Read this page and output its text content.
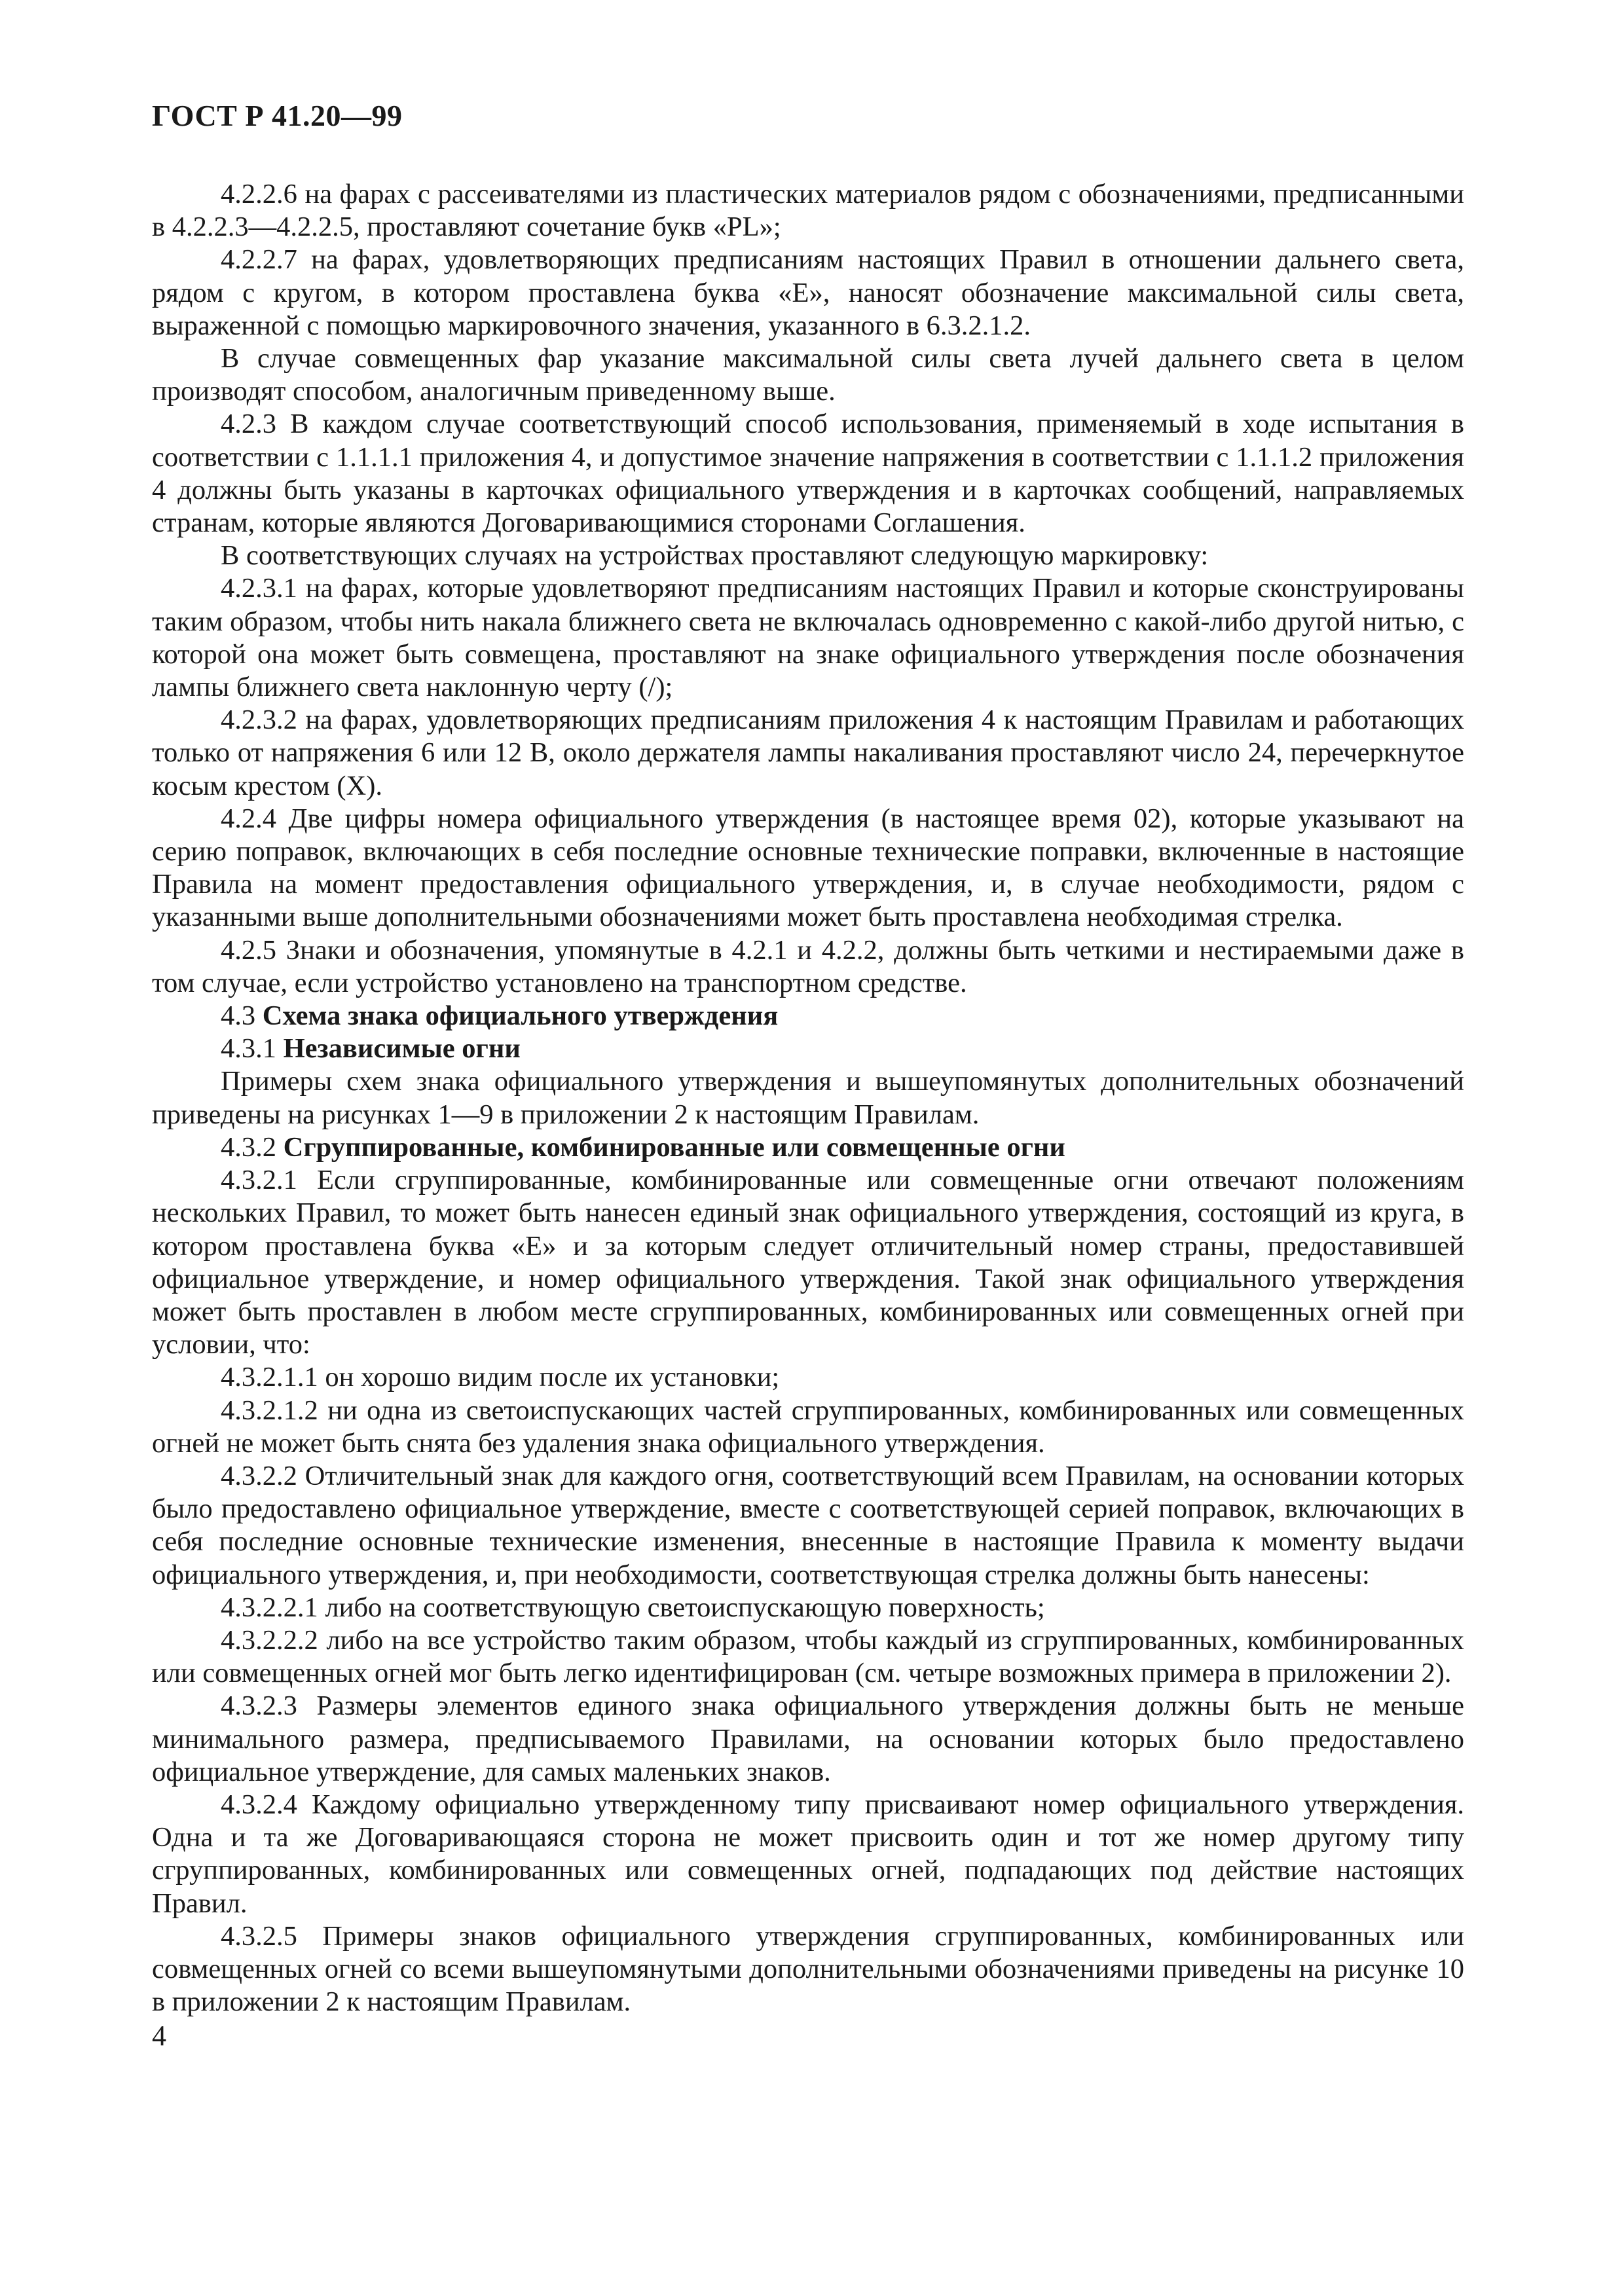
ГОСТ Р 41.20—99

4.2.2.6 на фарах с рассеивателями из пластических материалов рядом с обозначениями, предписанными в 4.2.2.3—4.2.2.5, проставляют сочетание букв «PL»;

4.2.2.7 на фарах, удовлетворяющих предписаниям настоящих Правил в отношении дальнего света, рядом с кругом, в котором проставлена буква «Е», наносят обозначение максимальной силы света, выраженной с помощью маркировочного значения, указанного в 6.3.2.1.2.

В случае совмещенных фар указание максимальной силы света лучей дальнего света в целом производят способом, аналогичным приведенному выше.

4.2.3 В каждом случае соответствующий способ использования, применяемый в ходе испытания в соответствии с 1.1.1.1 приложения 4, и допустимое значение напряжения в соответствии с 1.1.1.2 приложения 4 должны быть указаны в карточках официального утверждения и в карточках сообщений, направляемых странам, которые являются Договаривающимися сторонами Соглашения.

В соответствующих случаях на устройствах проставляют следующую маркировку:

4.2.3.1 на фарах, которые удовлетворяют предписаниям настоящих Правил и которые сконструированы таким образом, чтобы нить накала ближнего света не включалась одновременно с какой-либо другой нитью, с которой она может быть совмещена, проставляют на знаке официального утверждения после обозначения лампы ближнего света наклонную черту (/);

4.2.3.2 на фарах, удовлетворяющих предписаниям приложения 4 к настоящим Правилам и работающих только от напряжения 6 или 12 В, около держателя лампы накаливания проставляют число 24, перечеркнутое косым крестом (X).

4.2.4 Две цифры номера официального утверждения (в настоящее время 02), которые указывают на серию поправок, включающих в себя последние основные технические поправки, включенные в настоящие Правила на момент предоставления официального утверждения, и, в случае необходимости, рядом с указанными выше дополнительными обозначениями может быть проставлена необходимая стрелка.

4.2.5 Знаки и обозначения, упомянутые в 4.2.1 и 4.2.2, должны быть четкими и нестираемыми даже в том случае, если устройство установлено на транспортном средстве.

4.3 Схема знака официального утверждения

4.3.1 Независимые огни

Примеры схем знака официального утверждения и вышеупомянутых дополнительных обозначений приведены на рисунках 1—9 в приложении 2 к настоящим Правилам.

4.3.2 Сгруппированные, комбинированные или совмещенные огни

4.3.2.1 Если сгруппированные, комбинированные или совмещенные огни отвечают положениям нескольких Правил, то может быть нанесен единый знак официального утверждения, состоящий из круга, в котором проставлена буква «Е» и за которым следует отличительный номер страны, предоставившей официальное утверждение, и номер официального утверждения. Такой знак официального утверждения может быть проставлен в любом месте сгруппированных, комбинированных или совмещенных огней при условии, что:

4.3.2.1.1 он хорошо видим после их установки;

4.3.2.1.2 ни одна из светоиспускающих частей сгруппированных, комбинированных или совмещенных огней не может быть снята без удаления знака официального утверждения.

4.3.2.2 Отличительный знак для каждого огня, соответствующий всем Правилам, на основании которых было предоставлено официальное утверждение, вместе с соответствующей серией поправок, включающих в себя последние основные технические изменения, внесенные в настоящие Правила к моменту выдачи официального утверждения, и, при необходимости, соответствующая стрелка должны быть нанесены:

4.3.2.2.1 либо на соответствующую светоиспускающую поверхность;

4.3.2.2.2 либо на все устройство таким образом, чтобы каждый из сгруппированных, комбинированных или совмещенных огней мог быть легко идентифицирован (см. четыре возможных примера в приложении 2).

4.3.2.3 Размеры элементов единого знака официального утверждения должны быть не меньше минимального размера, предписываемого Правилами, на основании которых было предоставлено официальное утверждение, для самых маленьких знаков.

4.3.2.4 Каждому официально утвержденному типу присваивают номер официального утверждения. Одна и та же Договаривающаяся сторона не может присвоить один и тот же номер другому типу сгруппированных, комбинированных или совмещенных огней, подпадающих под действие настоящих Правил.

4.3.2.5 Примеры знаков официального утверждения сгруппированных, комбинированных или совмещенных огней со всеми вышеупомянутыми дополнительными обозначениями приведены на рисунке 10 в приложении 2 к настоящим Правилам.

4
